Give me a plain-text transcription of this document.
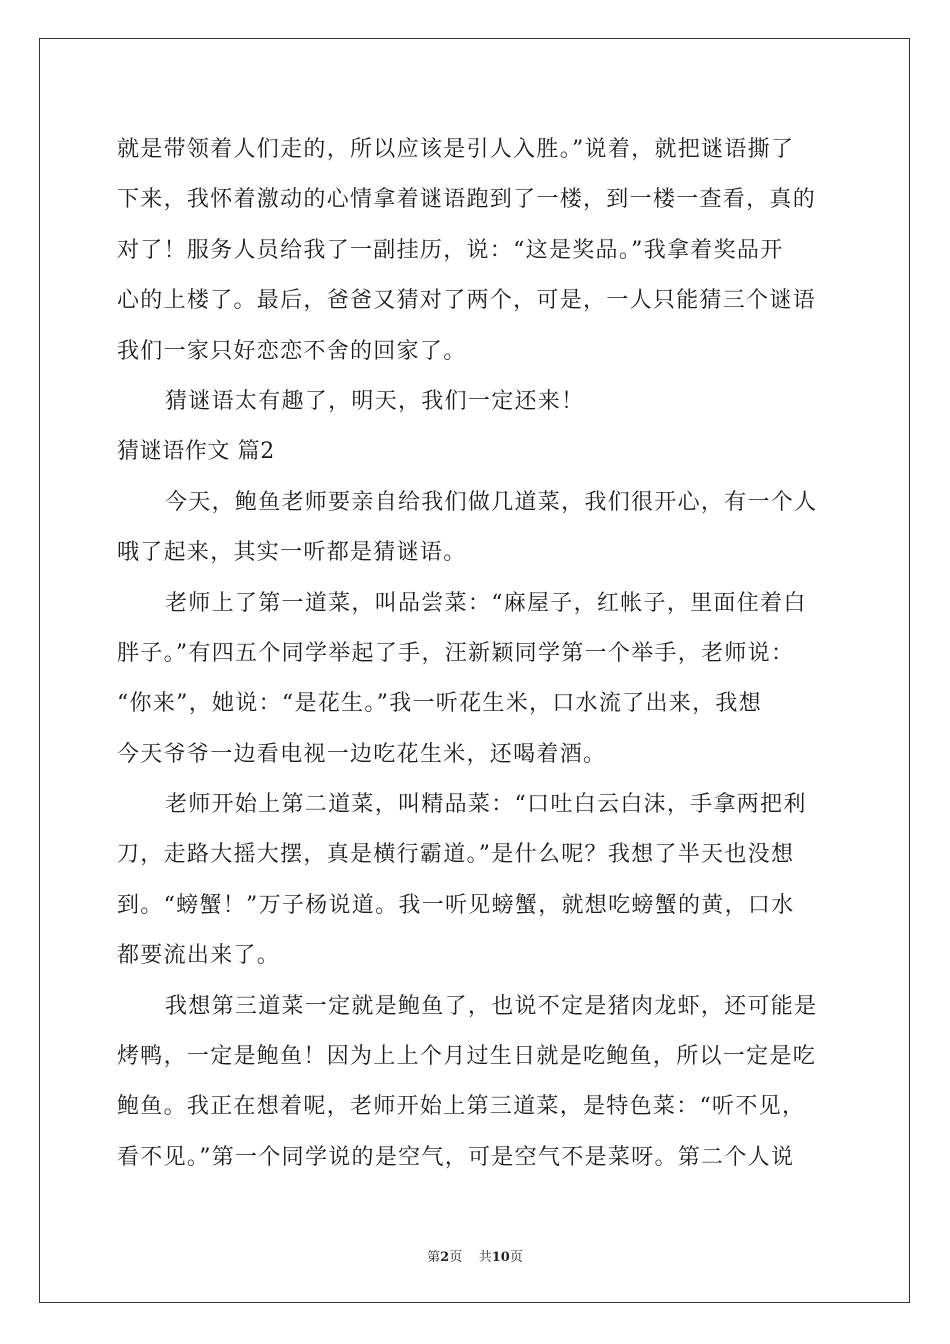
就是带领着人们走的，所以应该是引人入胜。”说着，就把谜语撕了
下来，我怀着激动的心情拿着谜语跑到了一楼，到一楼一查看，真的
对了！服务人员给我了一副挂历，说：“这是奖品。”我拿着奖品开
心的上楼了。最后，爸爸又猜对了两个，可是，一人只能猜三个谜语
我们一家只好恋恋不舍的回家了。
猜谜语太有趣了，明天，我们一定还来！
猜谜语作文 篇2
今天，鲍鱼老师要亲自给我们做几道菜，我们很开心，有一个人
哦了起来，其实一听都是猜谜语。
老师上了第一道菜，叫品尝菜：“麻屋子，红帐子，里面住着白
胖子。”有四五个同学举起了手，汪新颖同学第一个举手，老师说：
“你来”，她说：“是花生。”我一听花生米，口水流了出来，我想
今天爷爷一边看电视一边吃花生米，还喝着酒。
老师开始上第二道菜，叫精品菜：“口吐白云白沫，手拿两把利
刀，走路大摇大摆，真是横行霸道。”是什么呢？我想了半天也没想
到。“螃蟹！”万子杨说道。我一听见螃蟹，就想吃螃蟹的黄，口水
都要流出来了。
我想第三道菜一定就是鲍鱼了，也说不定是猪肉龙虾，还可能是
烤鸭，一定是鲍鱼！因为上上个月过生日就是吃鲍鱼，所以一定是吃
鲍鱼。我正在想着呢，老师开始上第三道菜，是特色菜：“听不见，
看不见。”第一个同学说的是空气，可是空气不是菜呀。第二个人说
第2页    共10页
